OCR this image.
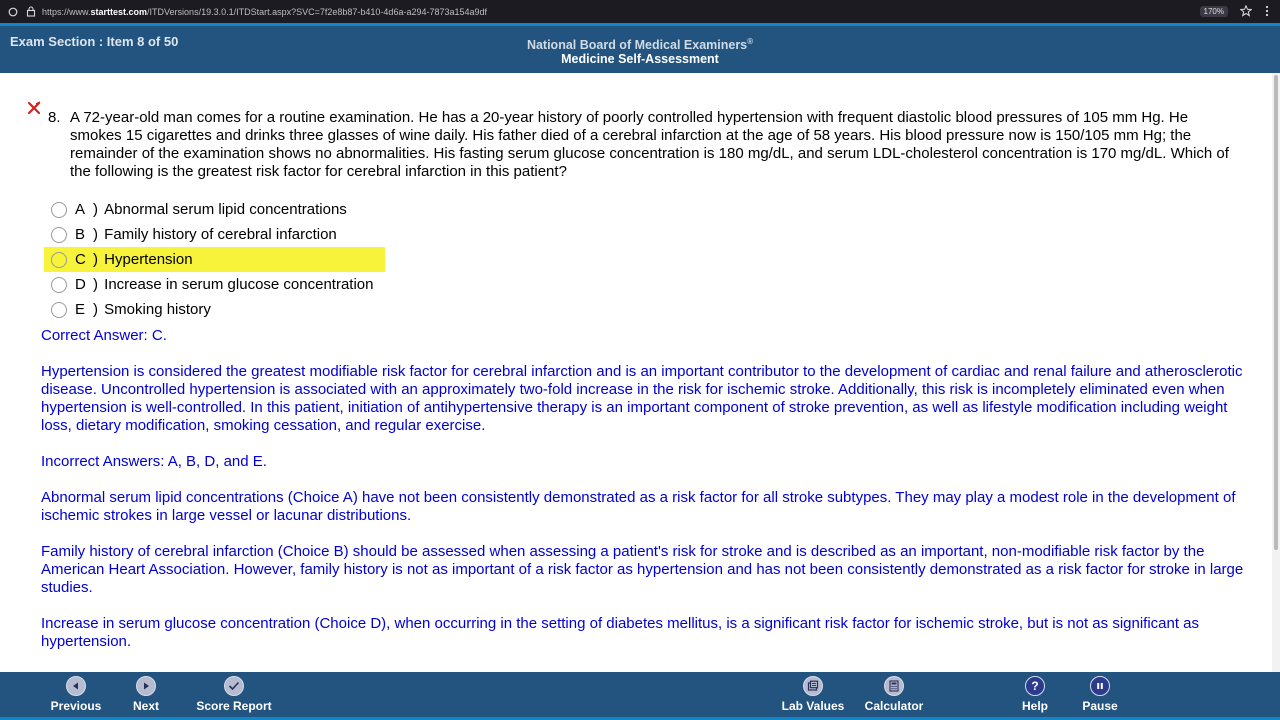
https://www.starttest.com/ITDVersions/19.3.0.1/ITDStart.aspx?SVC=7f2e8b87-b410-4d6a-a294-7873a154a9df	170%
Exam Section : Item 8 of 50	National Board of Medical Examiners®
Medicine Self-Assessment
8. A 72-year-old man comes for a routine examination. He has a 20-year history of poorly controlled hypertension with frequent diastolic blood pressures of 105 mm Hg. He smokes 15 cigarettes and drinks three glasses of wine daily. His father died of a cerebral infarction at the age of 58 years. His blood pressure now is 150/105 mm Hg; the remainder of the examination shows no abnormalities. His fasting serum glucose concentration is 180 mg/dL, and serum LDL-cholesterol concentration is 170 mg/dL. Which of the following is the greatest risk factor for cerebral infarction in this patient?
A )
Abnormal serum lipid concentrations
B )
Family history of cerebral infarction
C )
Hypertension
D )
Increase in serum glucose concentration
E )
Smoking history

Correct Answer: C.

Hypertension is considered the greatest modifiable risk factor for cerebral infarction and is an important contributor to the development of cardiac and renal failure and atherosclerotic disease. Uncontrolled hypertension is associated with an approximately two-fold increase in the risk for ischemic stroke. Additionally, this risk is incompletely eliminated even when hypertension is well-controlled. In this patient, initiation of antihypertensive therapy is an important component of stroke prevention, as well as lifestyle modification including weight loss, dietary modification, smoking cessation, and regular exercise.

Incorrect Answers: A, B, D, and E.

Abnormal serum lipid concentrations (Choice A) have not been consistently demonstrated as a risk factor for all stroke subtypes. They may play a modest role in the development of ischemic strokes in large vessel or lacunar distributions.

Family history of cerebral infarction (Choice B) should be assessed when assessing a patient's risk for stroke and is described as an important, non-modifiable risk factor by the American Heart Association. However, family history is not as important of a risk factor as hypertension and has not been consistently demonstrated as a risk factor for stroke in large studies.

Increase in serum glucose concentration (Choice D), when occurring in the setting of diabetes mellitus, is a significant risk factor for ischemic stroke, but is not as significant as hypertension.

Previous	Next	Score Report	Lab Values Calculator
?
Help	Pause
